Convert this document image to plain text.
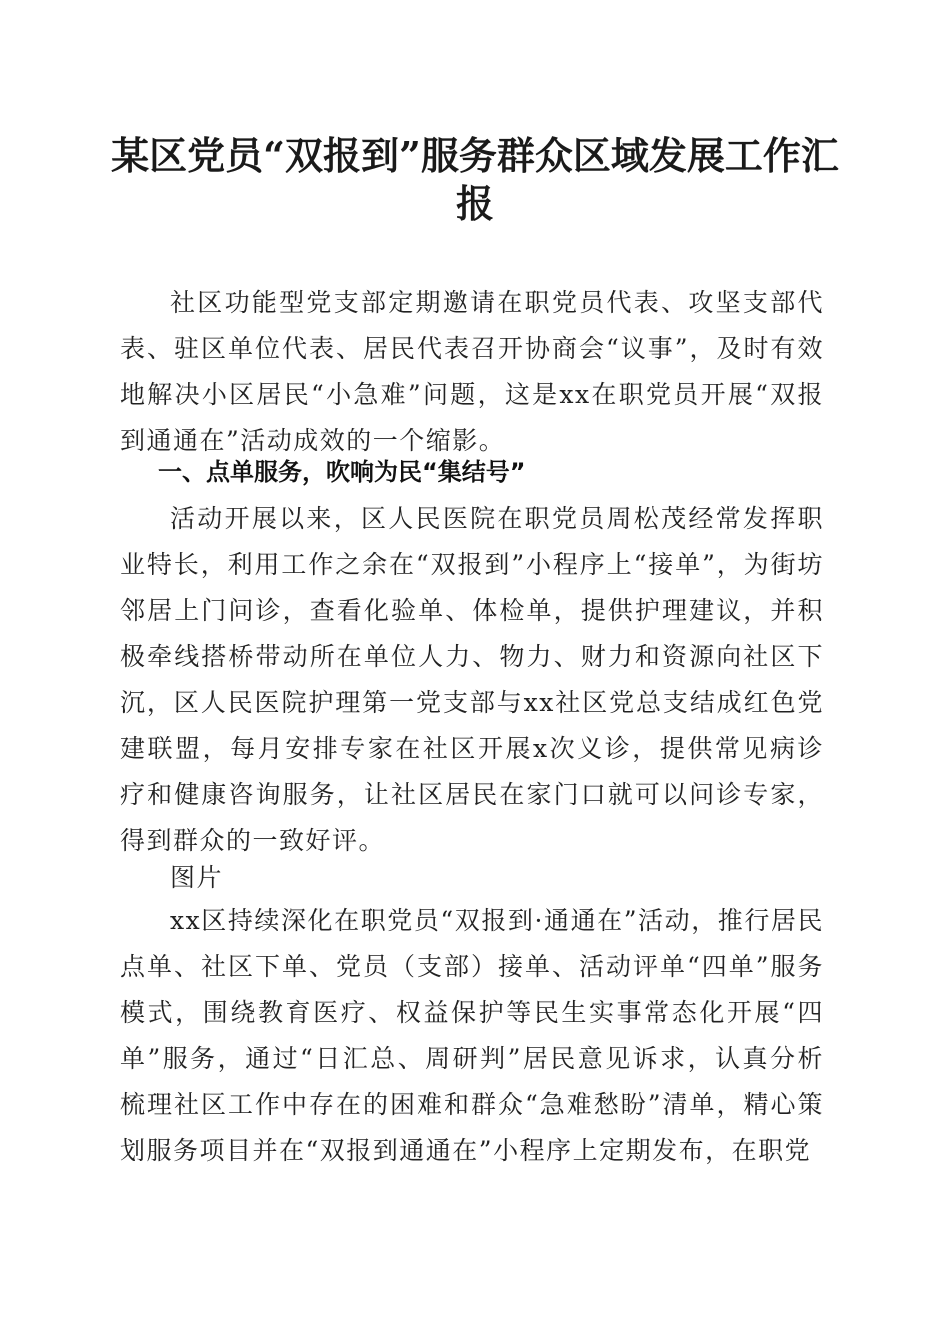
某区党员“双报到”服务群众区域发展工作汇报

社区功能型党支部定期邀请在职党员代表、攻坚支部代表、驻区单位代表、居民代表召开协商会“议事”，及时有效地解决小区居民“小急难”问题，这是xx在职党员开展“双报到通通在”活动成效的一个缩影。

一、点单服务，吹响为民“集结号”

活动开展以来，区人民医院在职党员周松茂经常发挥职业特长，利用工作之余在“双报到”小程序上“接单”，为街坊邻居上门问诊，查看化验单、体检单，提供护理建议，并积极牵线搭桥带动所在单位人力、物力、财力和资源向社区下沉，区人民医院护理第一党支部与xx社区党总支结成红色党建联盟，每月安排专家在社区开展x次义诊，提供常见病诊疗和健康咨询服务，让社区居民在家门口就可以问诊专家，得到群众的一致好评。

图片

xx区持续深化在职党员“双报到·通通在”活动，推行居民点单、社区下单、党员（支部）接单、活动评单“四单”服务模式，围绕教育医疗、权益保护等民生实事常态化开展“四单”服务，通过“日汇总、周研判”居民意见诉求，认真分析梳理社区工作中存在的困难和群众“急难愁盼”清单，精心策划服务项目并在“双报到通通在”小程序上定期发布，在职党
